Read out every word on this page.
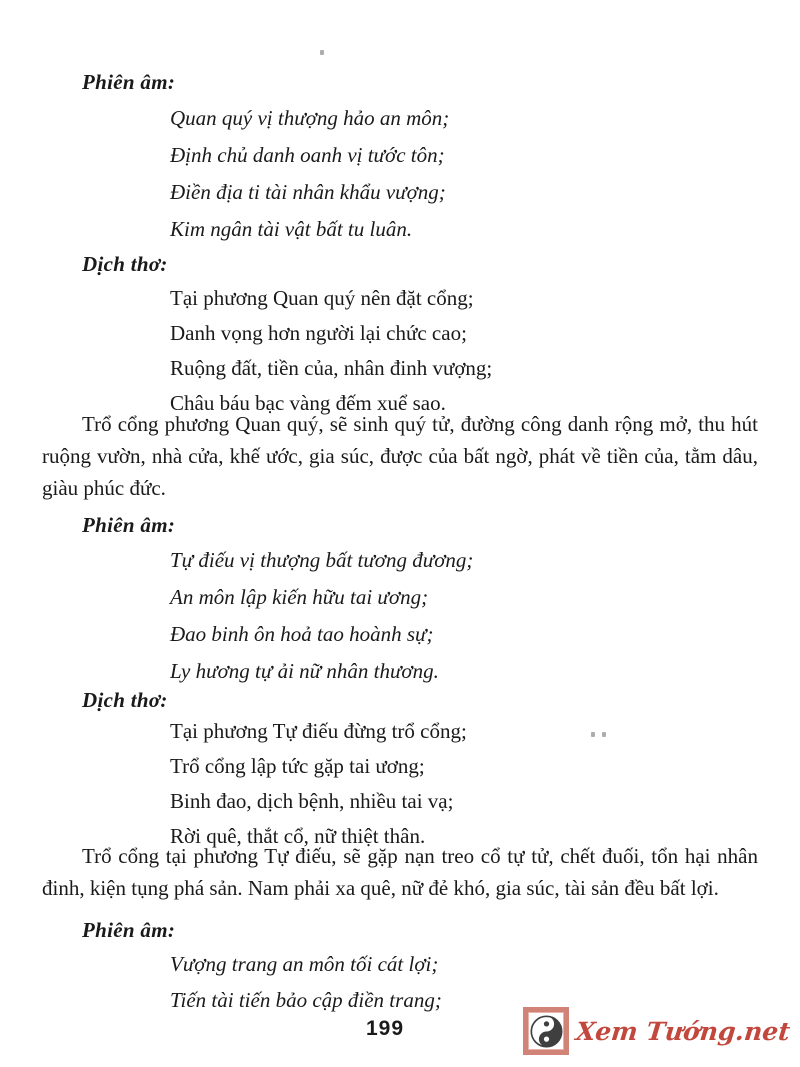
Phiên âm:
Quan quý vị thượng hảo an môn;
Định chủ danh oanh vị tước tôn;
Điền địa ti tài nhân khẩu vượng;
Kim ngân tài vật bất tu luân.
Dịch thơ:
Tại phương Quan quý nên đặt cổng;
Danh vọng hơn người lại chức cao;
Ruộng đất, tiền của, nhân đinh vượng;
Châu báu bạc vàng đếm xuể sao.
Trổ cổng phương Quan quý, sẽ sinh quý tử, đường công danh rộng mở, thu hút ruộng vườn, nhà cửa, khế ước, gia súc, được của bất ngờ, phát về tiền của, tằm dâu, giàu phúc đức.
Phiên âm:
Tự điếu vị thượng bất tương đương;
An môn lập kiến hữu tai ương;
Đao binh ôn hoả tao hoành sự;
Ly hương tự ải nữ nhân thương.
Dịch thơ:
Tại phương Tự điếu đừng trổ cổng;
Trổ cổng lập tức gặp tai ương;
Binh đao, dịch bệnh, nhiều tai vạ;
Rời quê, thắt cổ, nữ thiệt thân.
Trổ cổng tại phương Tự điếu, sẽ gặp nạn treo cổ tự tử, chết đuối, tổn hại nhân đinh, kiện tụng phá sản. Nam phải xa quê, nữ đẻ khó, gia súc, tài sản đều bất lợi.
Phiên âm:
Vượng trang an môn tối cát lợi;
Tiến tài tiến bảo cập điền trang;
199	Xem Tướng.net
